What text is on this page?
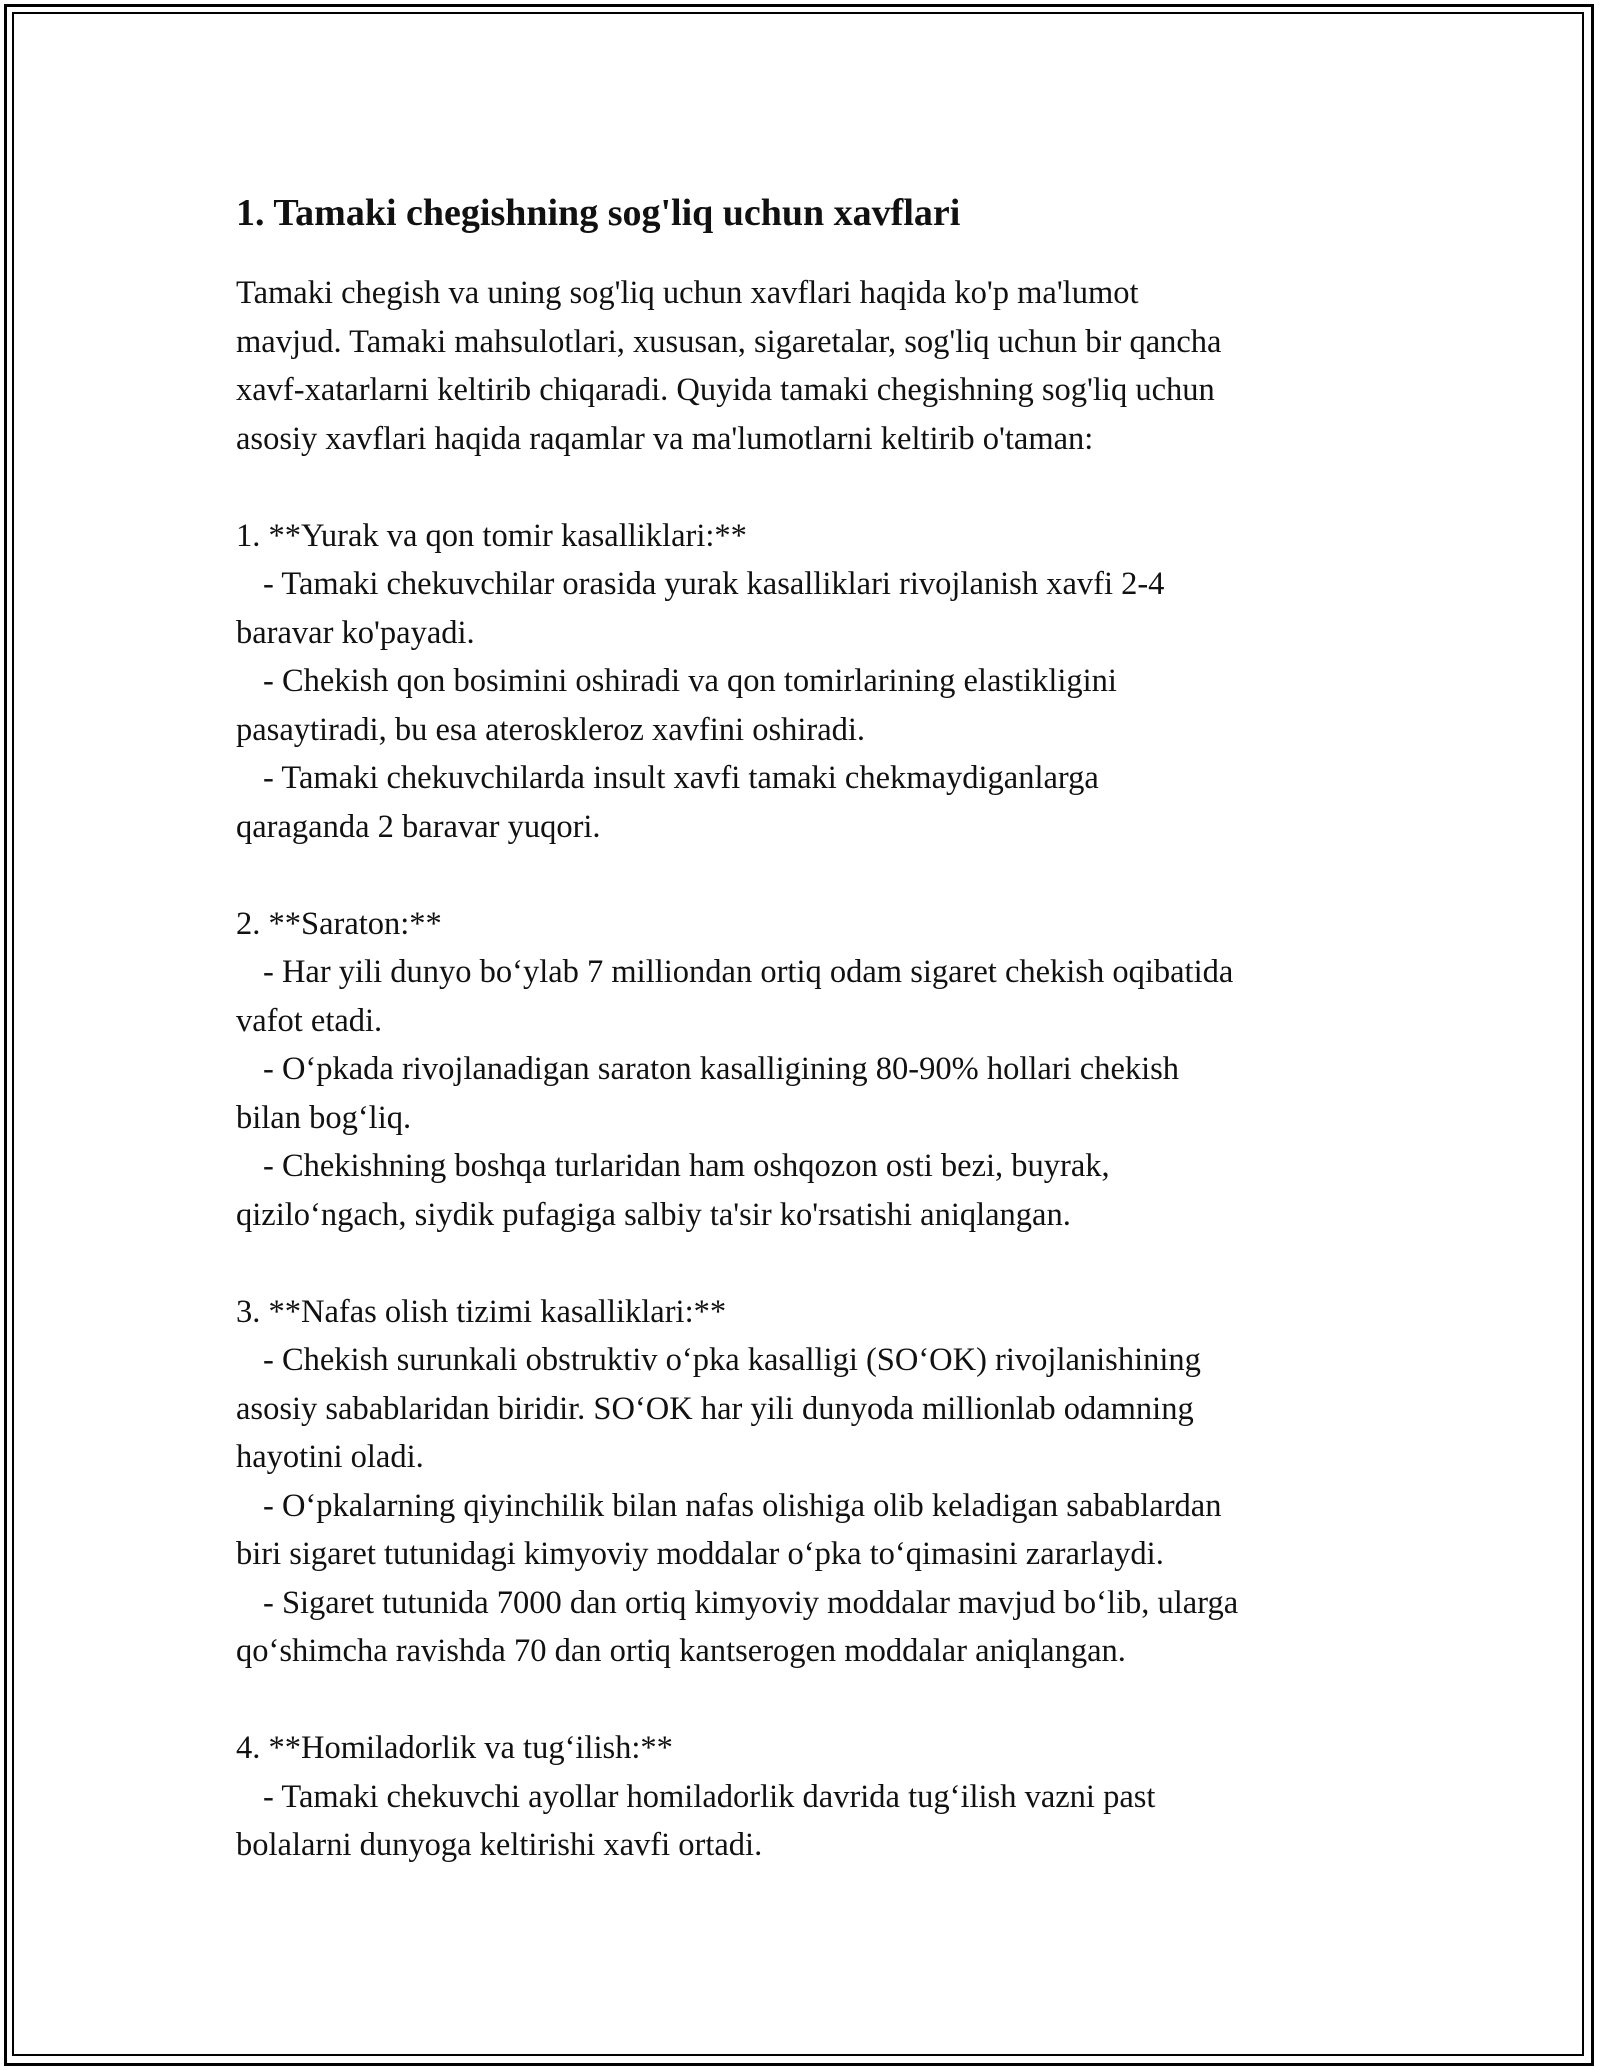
1. Tamaki chegishning sog'liq uchun xavflari
Tamaki chegish va uning sog'liq uchun xavflari haqida ko'p ma'lumot
mavjud. Tamaki mahsulotlari, xususan, sigaretalar, sog'liq uchun bir qancha
xavf-xatarlarni keltirib chiqaradi. Quyida tamaki chegishning sog'liq uchun
asosiy xavflari haqida raqamlar va ma'lumotlarni keltirib o'taman:
1. **Yurak va qon tomir kasalliklari:**
- Tamaki chekuvchilar orasida yurak kasalliklari rivojlanish xavfi 2-4
baravar ko'payadi.
- Chekish qon bosimini oshiradi va qon tomirlarining elastikligini
pasaytiradi, bu esa ateroskleroz xavfini oshiradi.
- Tamaki chekuvchilarda insult xavfi tamaki chekmaydiganlarga
qaraganda 2 baravar yuqori.
2. **Saraton:**
- Har yili dunyo bo‘ylab 7 milliondan ortiq odam sigaret chekish oqibatida
vafot etadi.
- O‘pkada rivojlanadigan saraton kasalligining 80-90% hollari chekish
bilan bog‘liq.
- Chekishning boshqa turlaridan ham oshqozon osti bezi, buyrak,
qizilo‘ngach, siydik pufagiga salbiy ta'sir ko'rsatishi aniqlangan.
3. **Nafas olish tizimi kasalliklari:**
- Chekish surunkali obstruktiv o‘pka kasalligi (SO‘OK) rivojlanishining
asosiy sabablaridan biridir. SO‘OK har yili dunyoda millionlab odamning
hayotini oladi.
- O‘pkalarning qiyinchilik bilan nafas olishiga olib keladigan sabablardan
biri sigaret tutunidagi kimyoviy moddalar o‘pka to‘qimasini zararlaydi.
- Sigaret tutunida 7000 dan ortiq kimyoviy moddalar mavjud bo‘lib, ularga
qo‘shimcha ravishda 70 dan ortiq kantserogen moddalar aniqlangan.
4. **Homiladorlik va tug‘ilish:**
- Tamaki chekuvchi ayollar homiladorlik davrida tug‘ilish vazni past
bolalarni dunyoga keltirishi xavfi ortadi.
